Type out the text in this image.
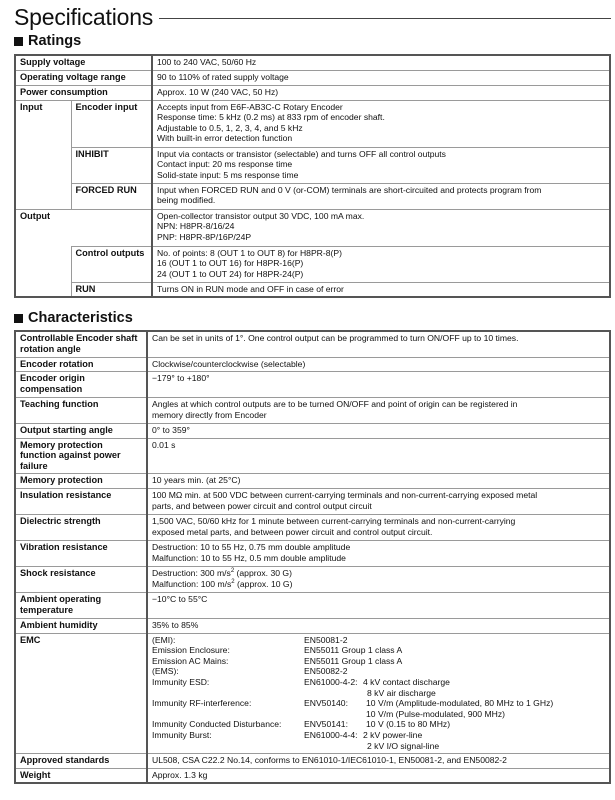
Specifications
Ratings
Supply voltage		100 to 240 VAC, 50/60 Hz
Operating voltage range		90 to 110% of rated supply voltage
Power consumption		Approx. 10 W (240 VAC, 50 Hz)
Input	Encoder input	Accepts input from E6F-AB3C-C Rotary Encoder
Response time: 5 kHz (0.2 ms) at 833 rpm of encoder shaft.
Adjustable to 0.5, 1, 2, 3, 4, and 5 kHz
With built-in error detection function

	INHIBIT	Input via contacts or transistor (selectable) and turns OFF all control outputs
Contact input: 20 ms response time
Solid-state input: 5 ms response time

	FORCED RUN	Input when FORCED RUN and 0 V (or-COM) terminals are short-circuited and protects program from
being modified.

Output		Open-collector transistor output 30 VDC, 100 mA max.
NPN: H8PR-8/16/24
PNP: H8PR-8P/16P/24P

	Control outputs	No. of points: 8 (OUT 1 to OUT 8) for H8PR-8(P)
16 (OUT 1 to OUT 16) for H8PR-16(P)
24 (OUT 1 to OUT 24) for H8PR-24(P)

	RUN	Turns ON in RUN mode and OFF in case of error
Characteristics
Controllable Encoder shaft rotation angle	Can be set in units of 1°. One control output can be programmed to turn ON/OFF up to 10 times.
Encoder rotation	Clockwise/counterclockwise (selectable)
Encoder origin compensation	−179° to +180°
Teaching function	Angles at which control outputs are to be turned ON/OFF and point of origin can be registered in
memory directly from Encoder

Output starting angle	0° to 359°
Memory protection function against power failure	0.01 s
Memory protection	10 years min. (at 25°C)
Insulation resistance	100 MΩ min. at 500 VDC between current-carrying terminals and non-current-carrying exposed metal
parts, and between power circuit and control output circuit

Dielectric strength	1,500 VAC, 50/60 kHz for 1 minute between current-carrying terminals and non-current-carrying
exposed metal parts, and between power circuit and control output circuit.

Vibration resistance	Destruction: 10 to 55 Hz, 0.75 mm double amplitude
Malfunction: 10 to 55 Hz, 0.5 mm double amplitude

Shock resistance	Destruction: 300 $m/s^2$ (approx. 30 G)
Malfunction: 100 $m/s^2$ (approx. 10 G)

Ambient operating temperature	−10°C to 55°C
Ambient humidity	35% to 85%
EMC	(EMI):	EN50081-2
Emission Enclosure:	EN55011 Group 1 class A
Emission AC Mains:	EN55011 Group 1 class A
(EMS):	EN50082-2
Immunity ESD:	EN61000-4-2: 4 kV contact discharge
8 kV air discharge
Immunity RF-interference:	ENV50140:	10 V/m (Amplitude-modulated, 80 MHz to 1 GHz)
10 V/m (Pulse-modulated, 900 MHz)
Immunity Conducted Disturbance:	ENV50141:	10 V (0.15 to 80 MHz)
Immunity Burst:	EN61000-4-4: 2 kV power-line
2 kV I/O signal-line

Approved standards	UL508, CSA C22.2 No.14, conforms to EN61010-1/IEC61010-1, EN50081-2, and EN50082-2
Weight	Approx. 1.3 kg
